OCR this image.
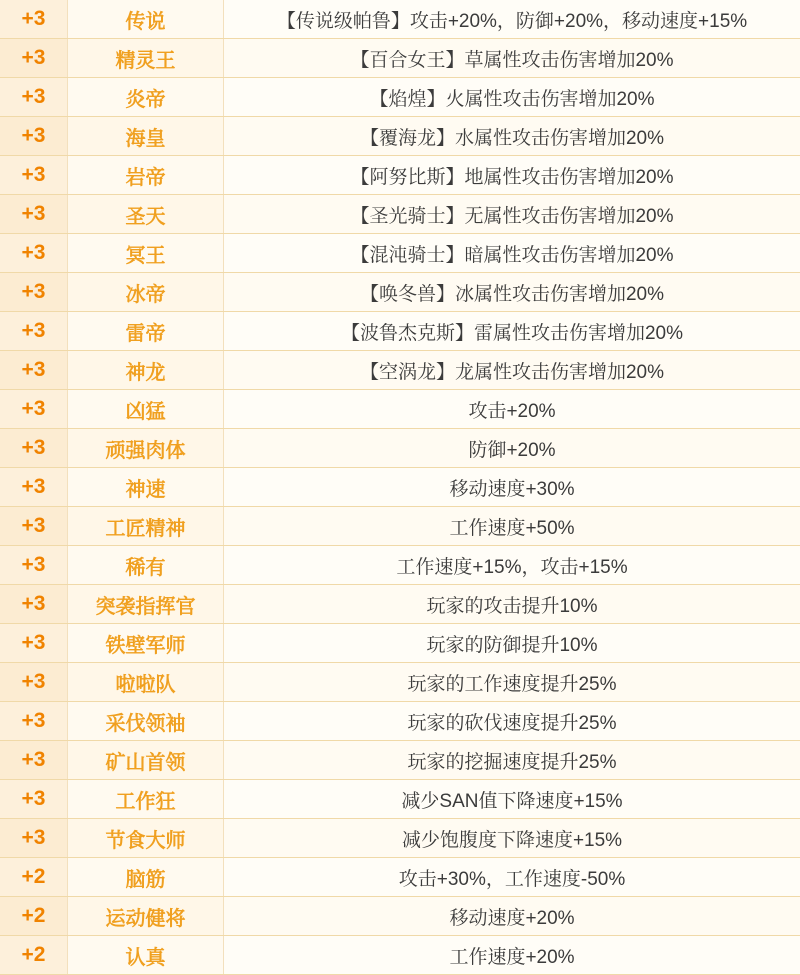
+3	传说	【传说级帕鲁】攻击+20%，防御+20%，移动速度+15%
+3	精灵王	【百合女王】草属性攻击伤害增加20%
+3	炎帝	【焰煌】火属性攻击伤害增加20%
+3	海皇	【覆海龙】水属性攻击伤害增加20%
+3	岩帝	【阿努比斯】地属性攻击伤害增加20%
+3	圣天	【圣光骑士】无属性攻击伤害增加20%
+3	冥王	【混沌骑士】暗属性攻击伤害增加20%
+3	冰帝	【唤冬兽】冰属性攻击伤害增加20%
+3	雷帝	【波鲁杰克斯】雷属性攻击伤害增加20%
+3	神龙	【空涡龙】龙属性攻击伤害增加20%
+3	凶猛	攻击+20%
+3	顽强肉体	防御+20%
+3	神速	移动速度+30%
+3	工匠精神	工作速度+50%
+3	稀有	工作速度+15%，攻击+15%
+3	突袭指挥官	玩家的攻击提升10%
+3	铁壁军师	玩家的防御提升10%
+3	啦啦队	玩家的工作速度提升25%
+3	采伐领袖	玩家的砍伐速度提升25%
+3	矿山首领	玩家的挖掘速度提升25%
+3	工作狂	减少SAN值下降速度+15%
+3	节食大师	减少饱腹度下降速度+15%
+2	脑筋	攻击+30%，工作速度-50%
+2	运动健将	移动速度+20%
+2	认真	工作速度+20%
